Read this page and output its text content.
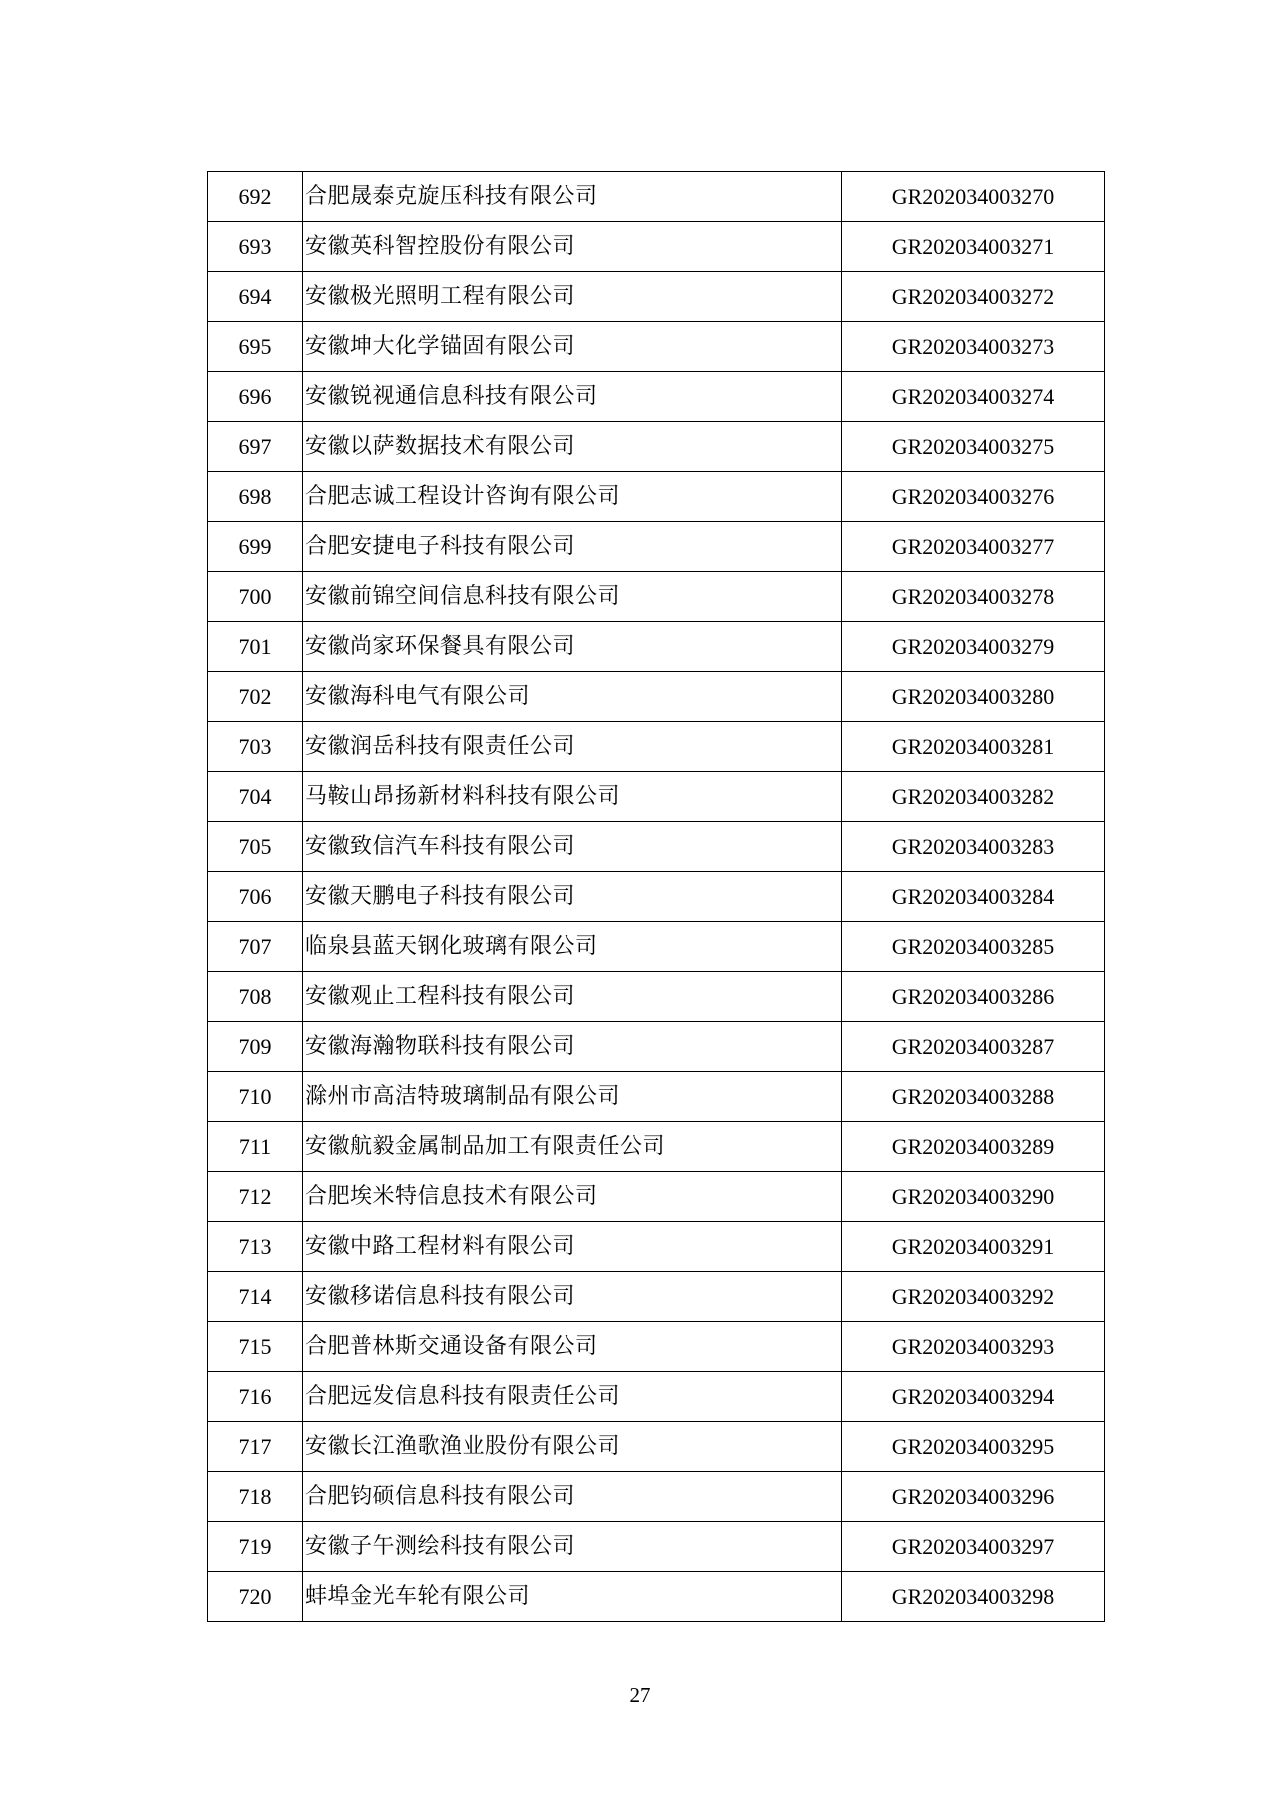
692	合肥晟泰克旋压科技有限公司	GR202034003270
693	安徽英科智控股份有限公司	GR202034003271
694	安徽极光照明工程有限公司	GR202034003272
695	安徽坤大化学锚固有限公司	GR202034003273
696	安徽锐视通信息科技有限公司	GR202034003274
697	安徽以萨数据技术有限公司	GR202034003275
698	合肥志诚工程设计咨询有限公司	GR202034003276
699	合肥安捷电子科技有限公司	GR202034003277
700	安徽前锦空间信息科技有限公司	GR202034003278
701	安徽尚家环保餐具有限公司	GR202034003279
702	安徽海科电气有限公司	GR202034003280
703	安徽润岳科技有限责任公司	GR202034003281
704	马鞍山昂扬新材料科技有限公司	GR202034003282
705	安徽致信汽车科技有限公司	GR202034003283
706	安徽天鹏电子科技有限公司	GR202034003284
707	临泉县蓝天钢化玻璃有限公司	GR202034003285
708	安徽观止工程科技有限公司	GR202034003286
709	安徽海瀚物联科技有限公司	GR202034003287
710	滁州市高洁特玻璃制品有限公司	GR202034003288
711	安徽航毅金属制品加工有限责任公司	GR202034003289
712	合肥埃米特信息技术有限公司	GR202034003290
713	安徽中路工程材料有限公司	GR202034003291
714	安徽移诺信息科技有限公司	GR202034003292
715	合肥普林斯交通设备有限公司	GR202034003293
716	合肥远发信息科技有限责任公司	GR202034003294
717	安徽长江渔歌渔业股份有限公司	GR202034003295
718	合肥钧硕信息科技有限公司	GR202034003296
719	安徽子午测绘科技有限公司	GR202034003297
720	蚌埠金光车轮有限公司	GR202034003298
27
